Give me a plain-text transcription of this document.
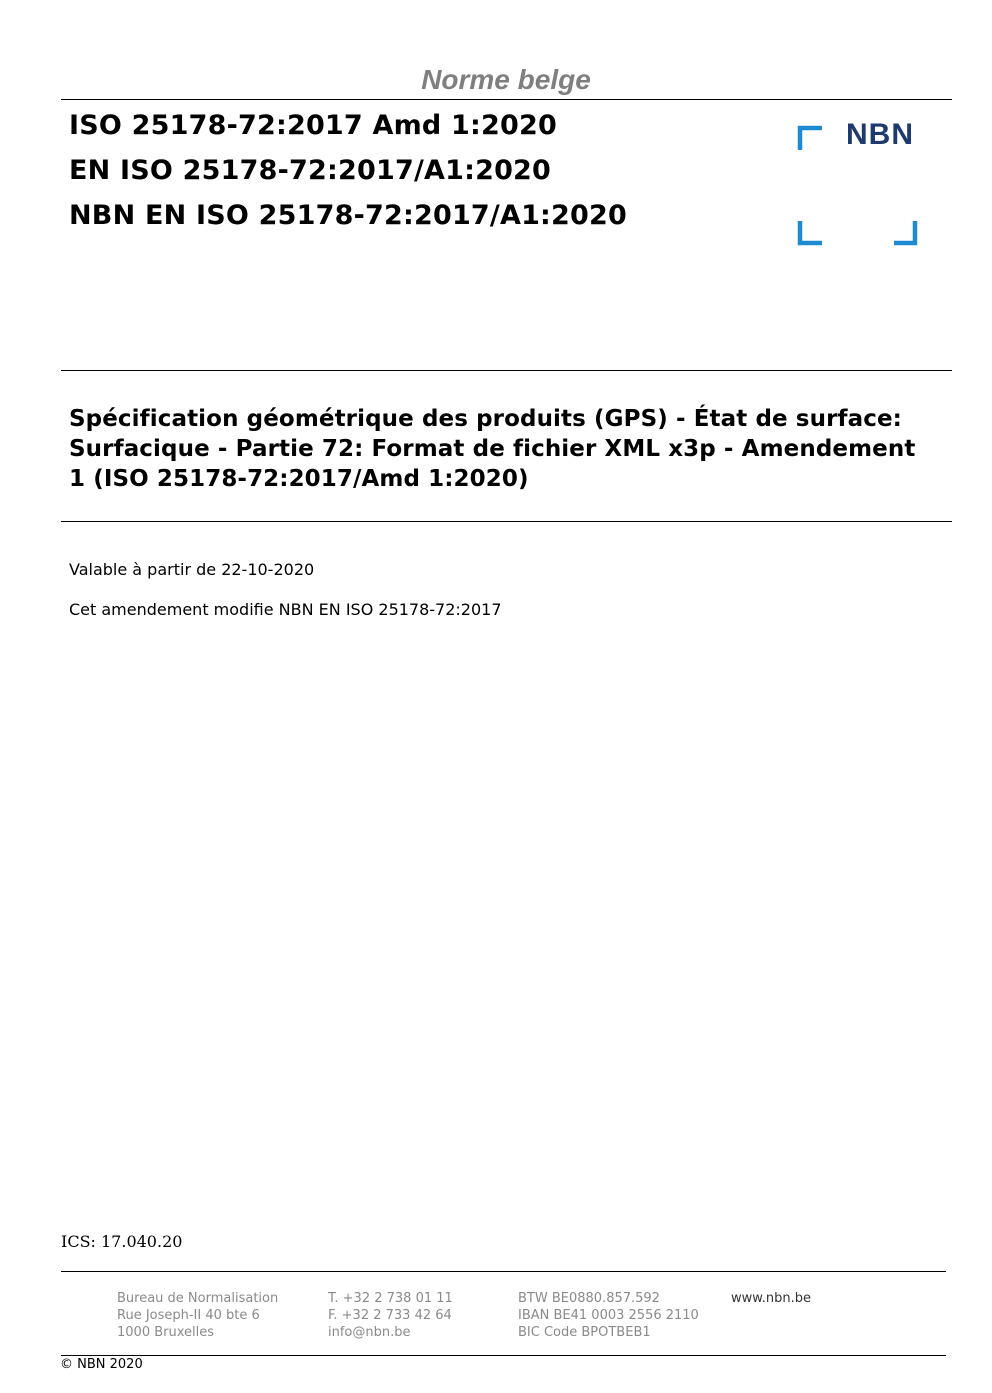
Norme belge
ISO 25178-72:2017 Amd 1:2020
EN ISO 25178-72:2017/A1:2020
NBN EN ISO 25178-72:2017/A1:2020
NBN
Spécification géométrique des produits (GPS) - État de surface:
Surfacique - Partie 72: Format de fichier XML x3p - Amendement
1 (ISO 25178-72:2017/Amd 1:2020)
Valable à partir de 22-10-2020
Cet amendement modifie NBN EN ISO 25178-72:2017
ICS: 17.040.20
Bureau de Normalisation
Rue Joseph-II 40 bte 6
1000 Bruxelles
T. +32 2 738 01 11
F. +32 2 733 42 64
info@nbn.be
BTW BE0880.857.592
IBAN BE41 0003 2556 2110
BIC Code BPOTBEB1
www.nbn.be
© NBN 2020
